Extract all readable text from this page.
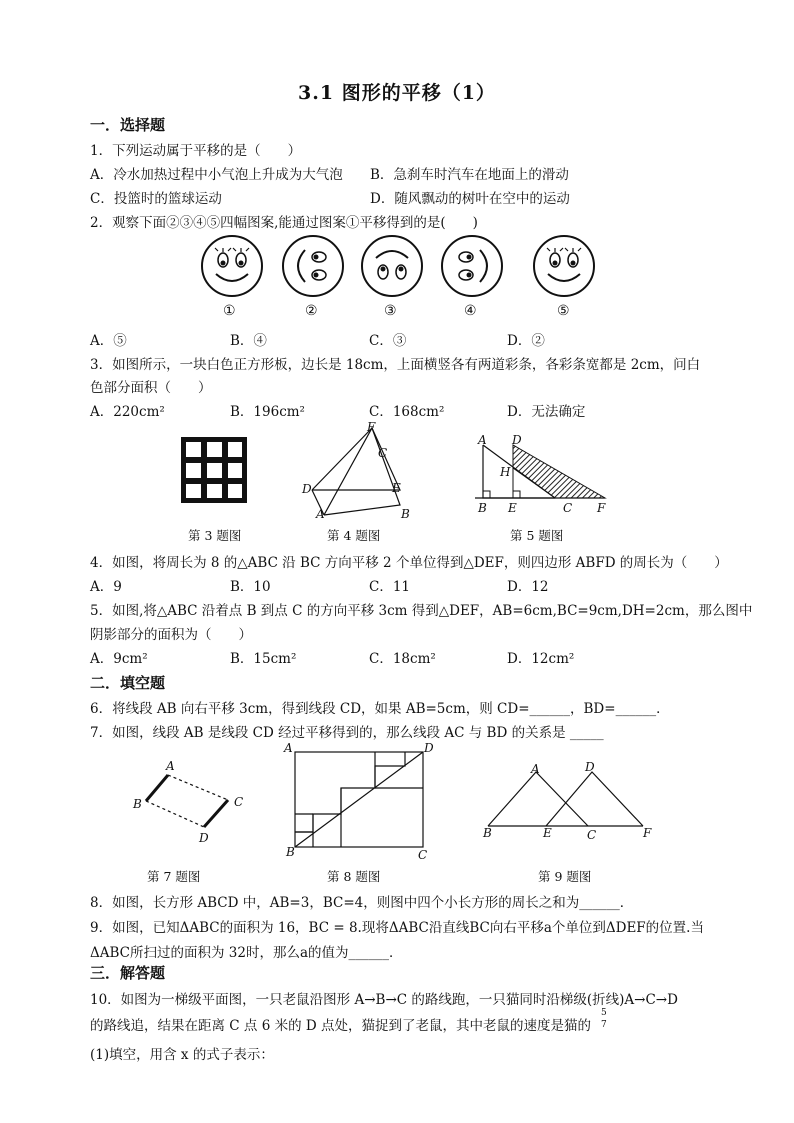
3.1 图形的平移（1）
一．选择题
1．下列运动属于平移的是（　　）
A．冷水加热过程中小气泡上升成为大气泡 B．急刹车时汽车在地面上的滑动
C．投篮时的篮球运动	D．随风飘动的树叶在空中的运动
2．观察下面②③④⑤四幅图案,能通过图案①平移得到的是(　　)
①	②	③	④	⑤
A．⑤	B．④	C．③	D．②
3．如图所示，一块白色正方形板，边长是 18cm，上面横竖各有两道彩条，各彩条宽都是 2cm，问白
色部分面积（　　）
A．220cm²	B．196cm²	C．168cm²	D．无法确定
F
C
D	E
A	B
A D
H
B E	C F
第 3 题图	第 4 题图	第 5 题图
4．如图，将周长为 8 的△ABC 沿 BC 方向平移 2 个单位得到△DEF，则四边形 ABFD 的周长为（　　）
A．9	B．10	C．11	D．12
5．如图,将△ABC 沿着点 B 到点 C 的方向平移 3cm 得到△DEF，AB=6cm,BC=9cm,DH=2cm，那么图中
阴影部分的面积为（　　）
A．9cm²	B．15cm²	C．18cm²	D．12cm²
二．填空题
6．将线段 AB 向右平移 3cm，得到线段 CD，如果 AB=5cm，则 CD=______，BD=______．
7．如图，线段 AB 是线段 CD 经过平移得到的，那么线段 AC 与 BD 的关系是 _____
A
B	C
D
A	D
B	C
A	D
B	E	C	F
第 7 题图	第 8 题图	第 9 题图
8．如图，长方形 ABCD 中，AB=3，BC=4，则图中四个小长方形的周长之和为______．
9．如图，已知ΔABC的面积为 16，BC = 8.现将ΔABC沿直线BC向右平移a个单位到ΔDEF的位置.当
ΔABC所扫过的面积为 32时，那么a的值为______．
三．解答题
10．如图为一梯级平面图，一只老鼠沿图形 A→B→C 的路线跑，一只猫同时沿梯级(折线)A→C→D
的路线追，结果在距离 C 点 6 米的 D 点处，猫捉到了老鼠，其中老鼠的速度是猫的
5
7
(1)填空，用含 x 的式子表示：
